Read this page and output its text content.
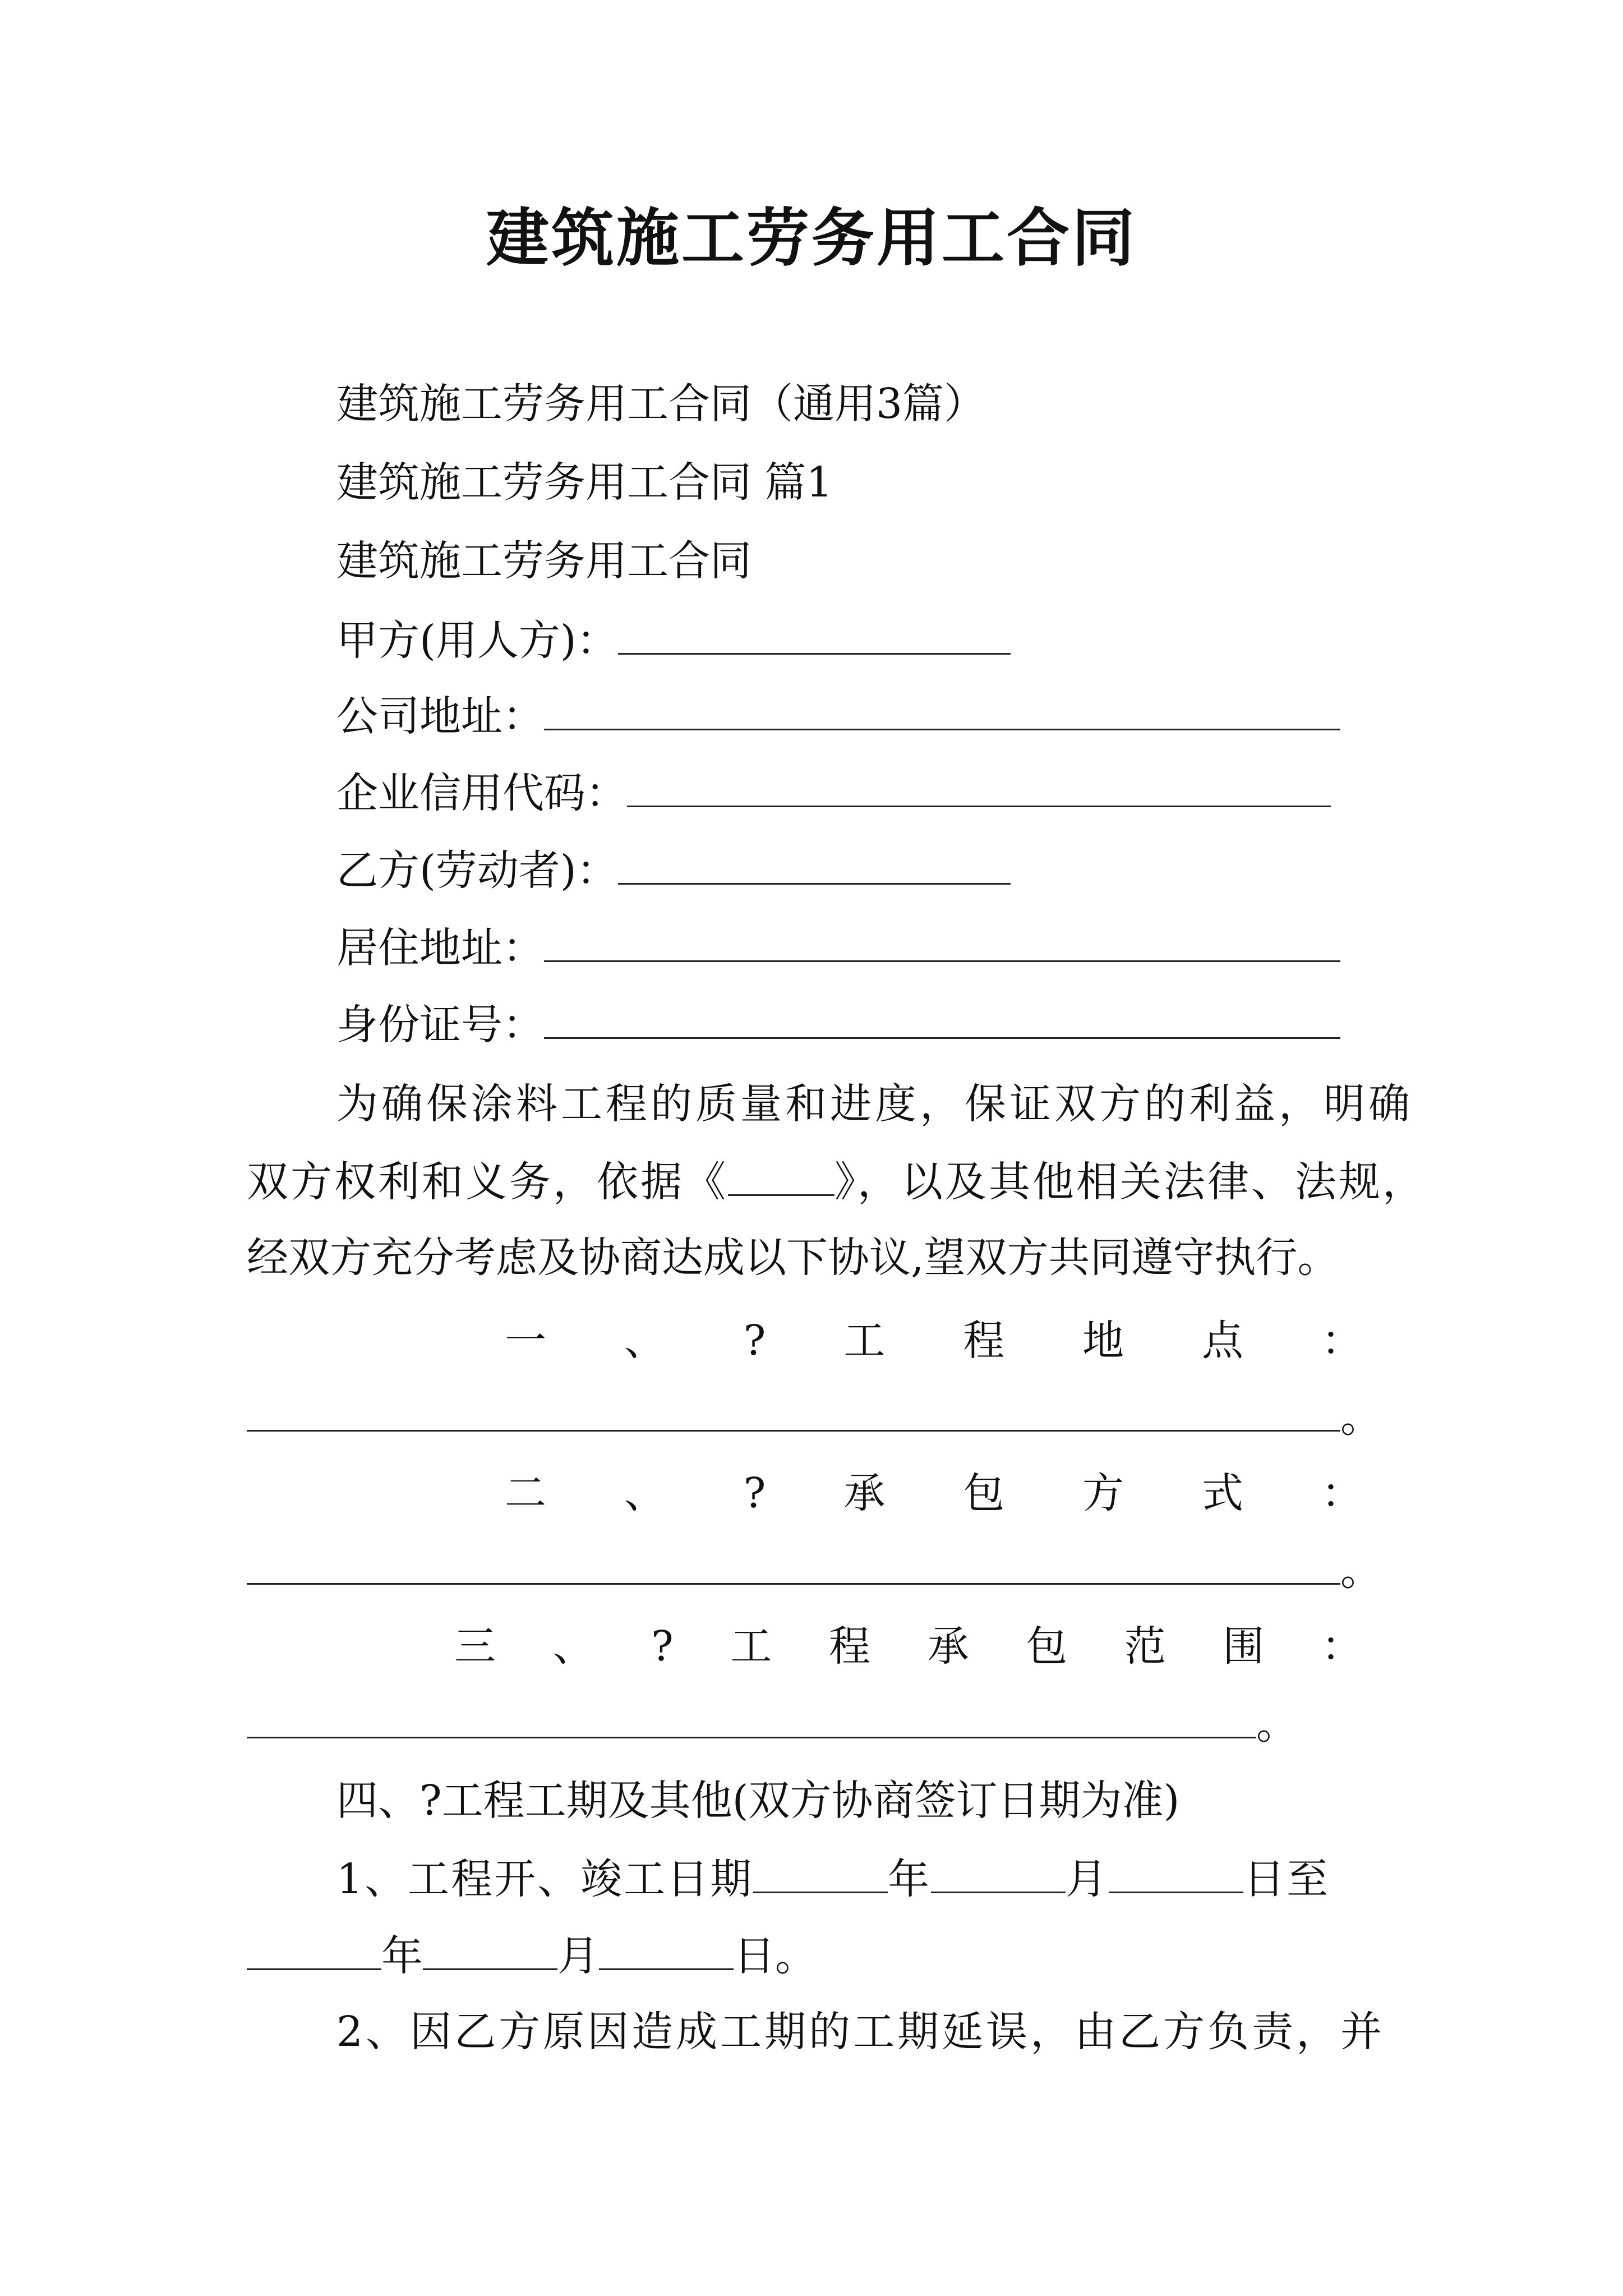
建筑施工劳务用工合同
建筑施工劳务用工合同（通用3篇）
建筑施工劳务用工合同 篇1
建筑施工劳务用工合同
甲方(用人方)：
公司地址：
企业信用代码：
乙方(劳动者)：
居住地址：
身份证号：
为确保涂料工程的质量和进度，保证双方的利益，明确
双方权利和义务，依据《	》，以及其他相关法律、法规，
经双方充分考虑及协商达成以下协议,望双方共同遵守执行。
一 、 ? 工 程 地 点 ：
。
二 、 ? 承 包 方 式 ：
。
三 、 ? 工 程 承 包 范 围 ：
。
四、?工程工期及其他(双方协商签订日期为准)
1、工程开、竣工日期	年	月	日至
年	月	日。
2、因乙方原因造成工期的工期延误，由乙方负责，并
